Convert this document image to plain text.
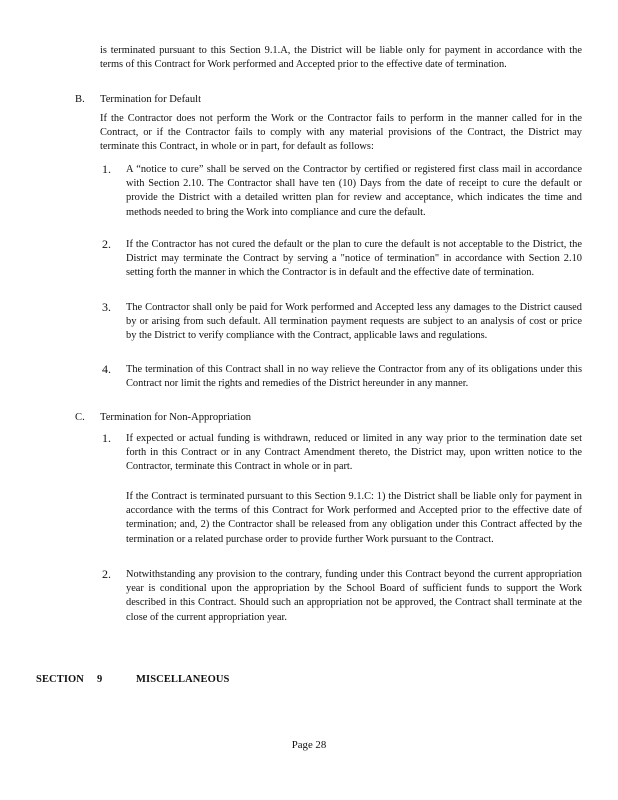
is terminated pursuant to this Section 9.1.A, the District will be liable only for payment in accordance with the terms of this Contract for Work performed and Accepted prior to the effective date of termination.
B. Termination for Default
If the Contractor does not perform the Work or the Contractor fails to perform in the manner called for in the Contract, or if the Contractor fails to comply with any material provisions of the Contract, the District may terminate this Contract, in whole or in part, for default as follows:
1. A “notice to cure” shall be served on the Contractor by certified or registered first class mail in accordance with Section 2.10. The Contractor shall have ten (10) Days from the date of receipt to cure the default or provide the District with a detailed written plan for review and acceptance, which indicates the time and methods needed to bring the Work into compliance and cure the default.
2. If the Contractor has not cured the default or the plan to cure the default is not acceptable to the District, the District may terminate the Contract by serving a "notice of termination" in accordance with Section 2.10 setting forth the manner in which the Contractor is in default and the effective date of termination.
3. The Contractor shall only be paid for Work performed and Accepted less any damages to the District caused by or arising from such default. All termination payment requests are subject to an analysis of cost or price by the District to verify compliance with the Contract, applicable laws and regulations.
4. The termination of this Contract shall in no way relieve the Contractor from any of its obligations under this Contract nor limit the rights and remedies of the District hereunder in any manner.
C. Termination for Non-Appropriation
1. If expected or actual funding is withdrawn, reduced or limited in any way prior to the termination date set forth in this Contract or in any Contract Amendment thereto, the District may, upon written notice to the Contractor, terminate this Contract in whole or in part.
If the Contract is terminated pursuant to this Section 9.1.C: 1) the District shall be liable only for payment in accordance with the terms of this Contract for Work performed and Accepted prior to the effective date of termination; and, 2) the Contractor shall be released from any obligation under this Contract affected by the termination or a related purchase order to provide further Work pursuant to the Contract.
2. Notwithstanding any provision to the contrary, funding under this Contract beyond the current appropriation year is conditional upon the appropriation by the School Board of sufficient funds to support the Work described in this Contract. Should such an appropriation not be approved, the Contract shall terminate at the close of the current appropriation year.
SECTION 9	MISCELLANEOUS
Page 28
